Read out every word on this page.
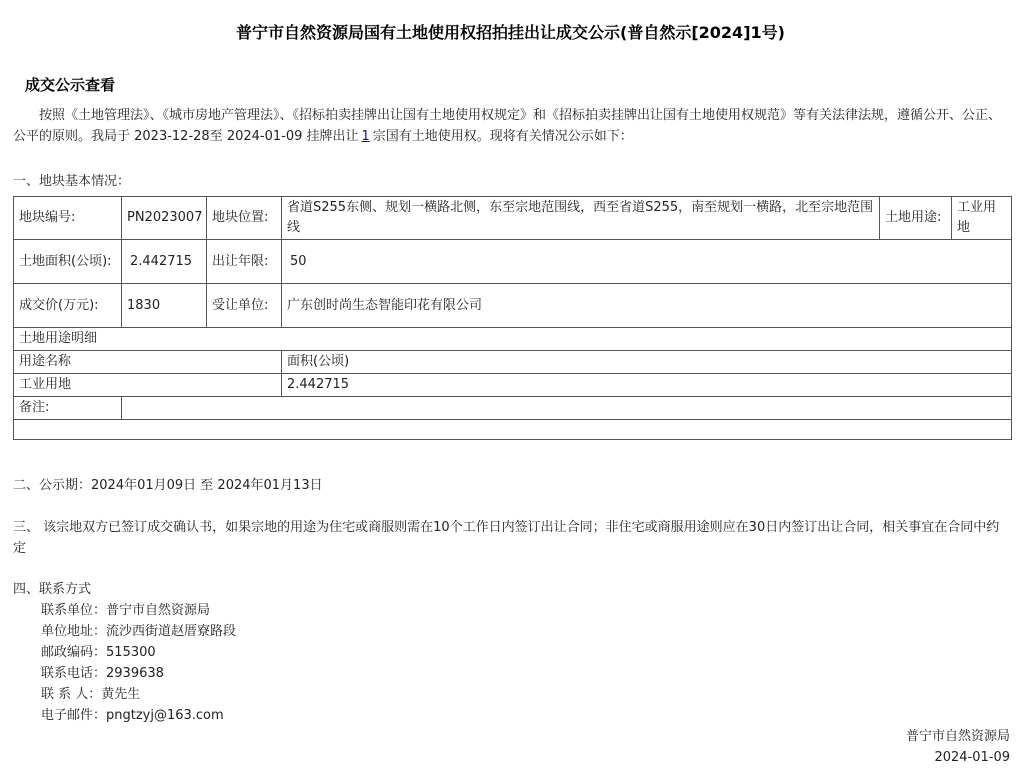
普宁市自然资源局国有土地使用权招拍挂出让成交公示(普自然示[2024]1号)
成交公示查看

按照《土地管理法》、《城市房地产管理法》、《招标拍卖挂牌出让国有土地使用权规定》和《招标拍卖挂牌出让国有土地使用权规范》等有关法律法规，遵循公开、公正、公平的原则。我局于 2023-12-28至 2024-01-09 挂牌出让 1 宗国有土地使用权。现将有关情况公示如下：

一、地块基本情况：
地块编号:	PN2023007	地块位置:	省道S255东侧、规划一横路北侧，东至宗地范围线，西至省道S255，南至规划一横路，北至宗地范围线	土地用途:	工业用地
土地面积(公顷):	2.442715	出让年限:	50		
成交价(万元):	1830	受让单位:	广东创时尚生态智能印花有限公司		
土地用途明细					
用途名称			面积(公顷)		
工业用地			2.442715		
备注:					

二、公示期：2024年01月09日 至 2024年01月13日

三、 该宗地双方已签订成交确认书，如果宗地的用途为住宅或商服则需在10个工作日内签订出让合同；非住宅或商服用途则应在30日内签订出让合同，相关事宜在合同中约定

四、联系方式
联系单位：普宁市自然资源局
单位地址：流沙西街道赵厝寮路段
邮政编码：515300
联系电话：2939638
联 系 人：黄先生
电子邮件：pngtzyj@163.com
普宁市自然资源局
2024-01-09
